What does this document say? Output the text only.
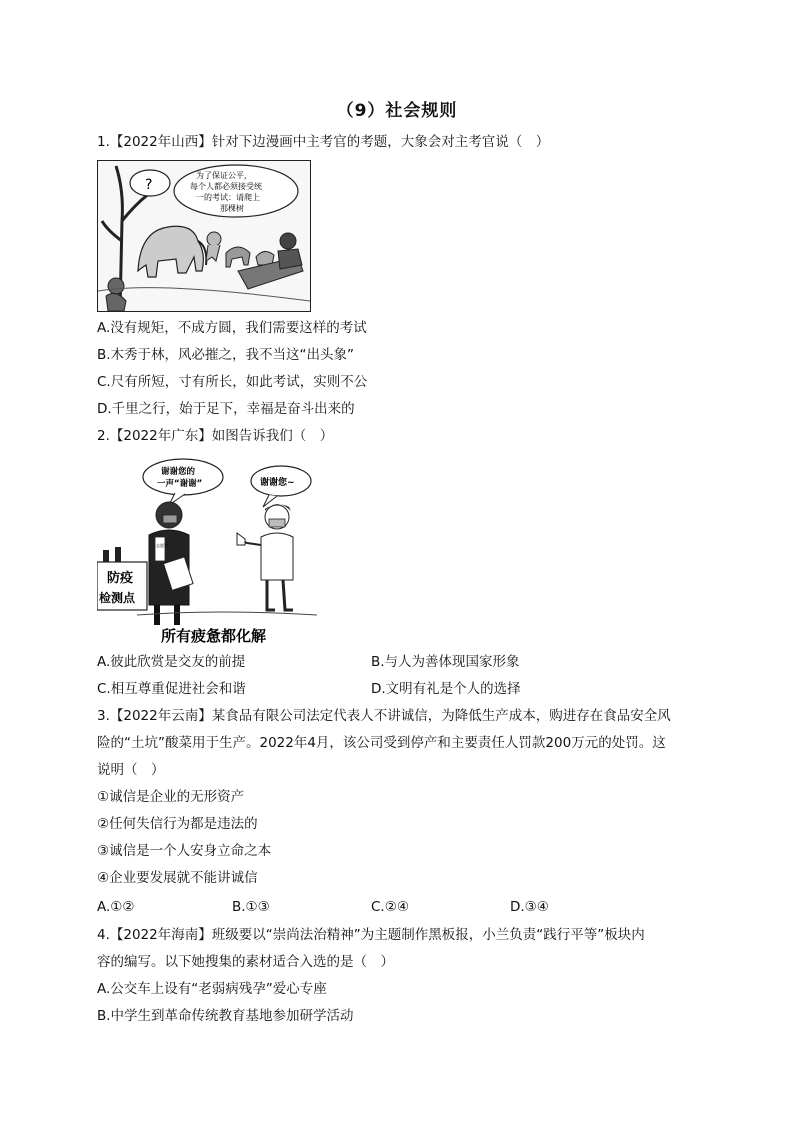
（9）社会规则
1.【2022年山西】针对下边漫画中主考官的考题，大象会对主考官说（　）
?
为了保证公平，
每个人都必须接受统
一的考试：请爬上
那棵树
A.没有规矩，不成方圆，我们需要这样的考试
B.木秀于林，风必摧之，我不当这“出头象”
C.尺有所短，寸有所长，如此考试，实则不公
D.千里之行，始于足下，幸福是奋斗出来的
2.【2022年广东】如图告诉我们（　）
谢谢您的
一声“谢谢”	谢谢您~
志愿者
防疫
检测点
所有疲惫都化解
A.彼此欣赏是交友的前提	B.与人为善体现国家形象
C.相互尊重促进社会和谐	D.文明有礼是个人的选择
3.【2022年云南】某食品有限公司法定代表人不讲诚信，为降低生产成本，购进存在食品安全风
险的“土坑”酸菜用于生产。2022年4月，该公司受到停产和主要责任人罚款200万元的处罚。这
说明（　）
①诚信是企业的无形资产
②任何失信行为都是违法的
③诚信是一个人安身立命之本
④企业要发展就不能讲诚信
A.①②	B.①③	C.②④	D.③④
4.【2022年海南】班级要以“崇尚法治精神”为主题制作黑板报，小兰负责“践行平等”板块内
容的编写。以下她搜集的素材适合入选的是（　）
A.公交车上设有“老弱病残孕”爱心专座
B.中学生到革命传统教育基地参加研学活动
